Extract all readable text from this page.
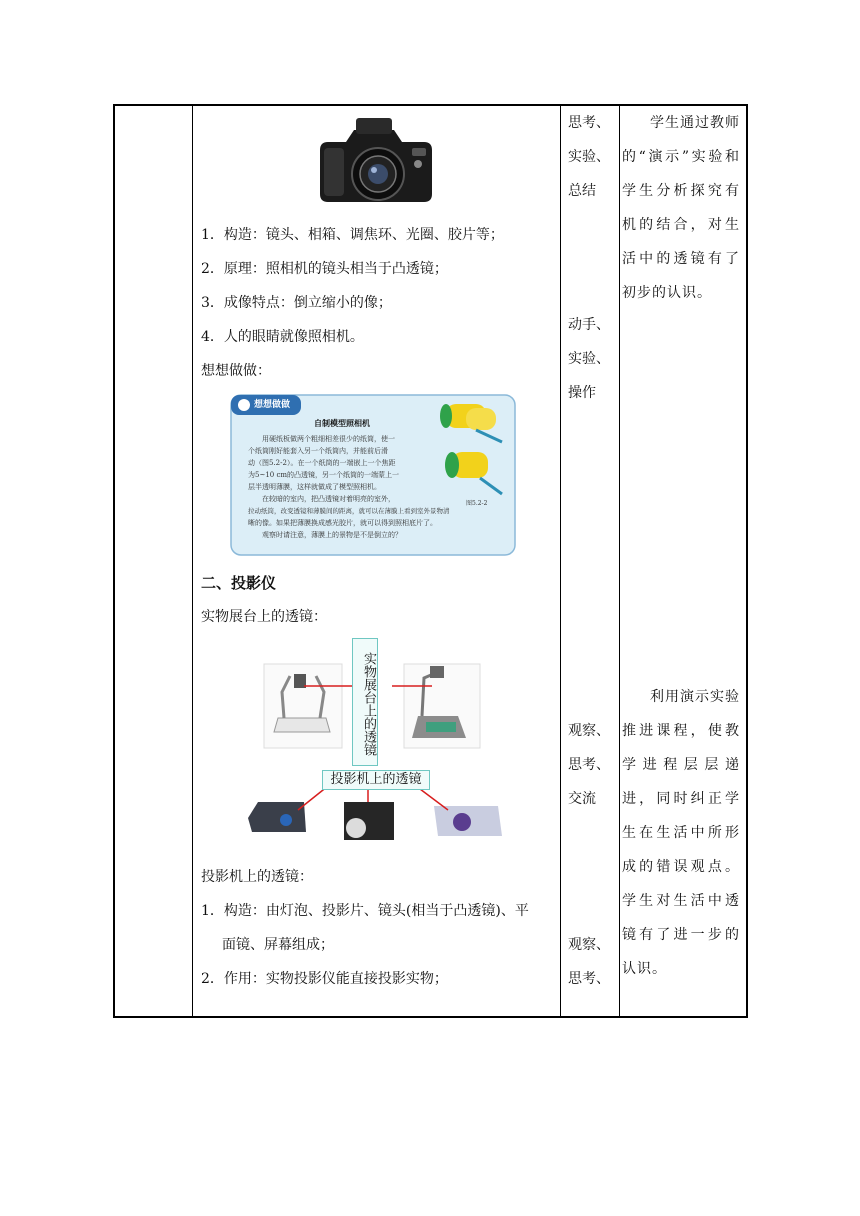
1．构造：镜头、相箱、调焦环、光圈、胶片等；
2．原理：照相机的镜头相当于凸透镜；
3．成像特点：倒立缩小的像；
4．人的眼睛就像照相机。
想想做做：
想想做做
自制模型照相机
用硬纸板做两个粗细相差很少的纸筒，使一
个纸筒刚好能套入另一个纸筒内，并能前后滑
动（图5.2-2）。在一个纸筒的一端嵌上一个焦距
为5~10 cm的凸透镜，另一个纸筒的一端蒙上一
层半透明薄膜，这样就做成了模型照相机。
在较暗的室内，把凸透镜对着明亮的室外，
拉动纸筒，改变透镜和薄膜间的距离，就可以在薄膜上看到室外景物清
晰的像。如果把薄膜换成感光胶片，就可以得到照相底片了。
观察时请注意，薄膜上的景物是不是倒立的？
图5.2-2
二、投影仪
实物展台上的透镜：
实物展台上的透镜
投影机上的透镜
投影机上的透镜：
1．构造：由灯泡、投影片、镜头(相当于凸透镜)、平
面镜、屏幕组成；
2．作用：实物投影仪能直接投影实物；
思考、
实验、
总结
动手、
实验、
操作
观察、
思考、
交流
观察、
思考、
学生通过教师的“演示”实验和学生分析探究有机的结合，对生活中的透镜有了初步的认识。
利用演示实验推进课程，使教学进程层层递进，同时纠正学生在生活中所形成的错误观点。学生对生活中透镜有了进一步的认识。
